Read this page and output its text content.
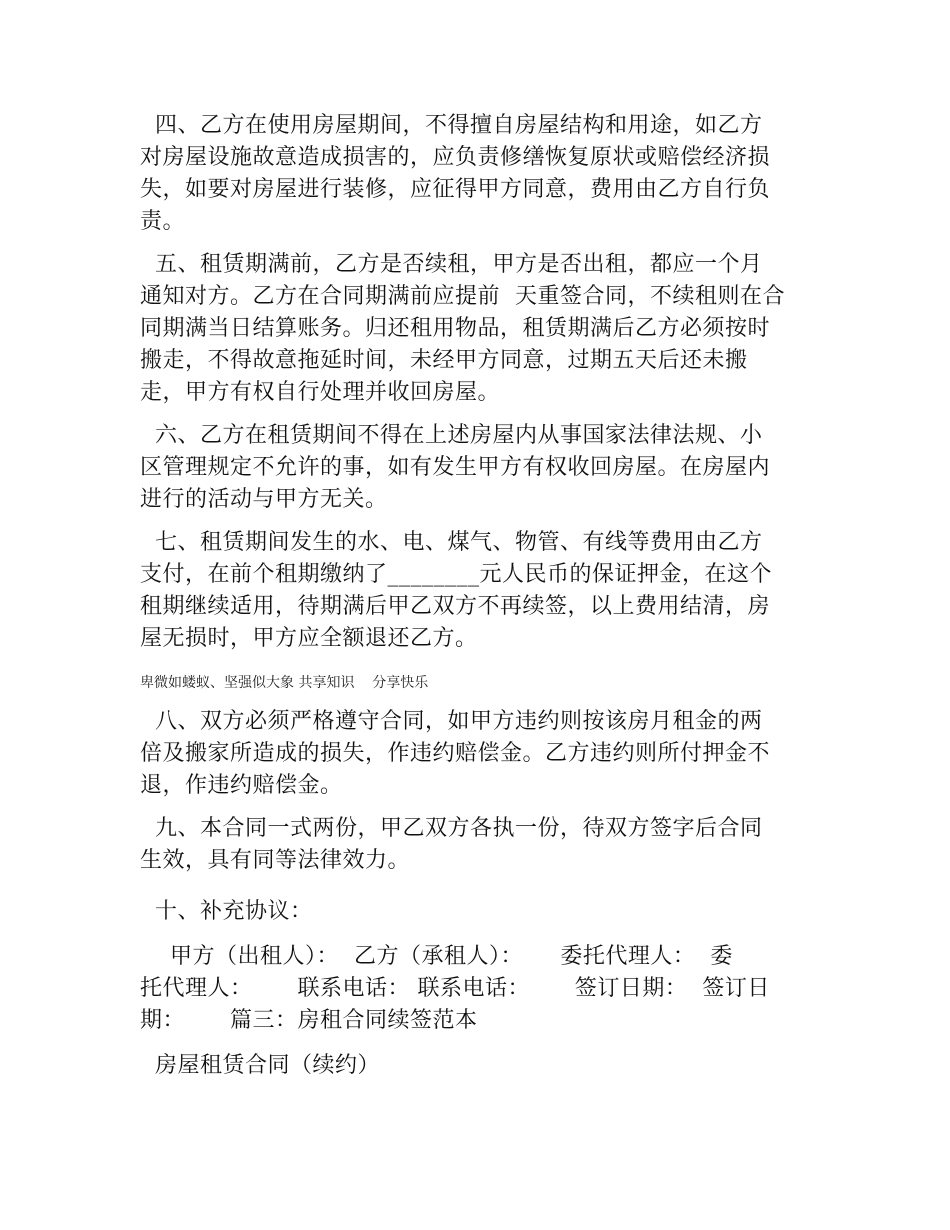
四、乙方在使用房屋期间，不得擅自房屋结构和用途，如乙方
对房屋设施故意造成损害的，应负责修缮恢复原状或赔偿经济损
失，如要对房屋进行装修，应征得甲方同意，费用由乙方自行负
责。
五、租赁期满前，乙方是否续租，甲方是否出租，都应一个月
通知对方。乙方在合同期满前应提前  天重签合同，不续租则在合
同期满当日结算账务。归还租用物品，租赁期满后乙方必须按时
搬走，不得故意拖延时间，未经甲方同意，过期五天后还未搬
走，甲方有权自行处理并收回房屋。
六、乙方在租赁期间不得在上述房屋内从事国家法律法规、小
区管理规定不允许的事，如有发生甲方有权收回房屋。在房屋内
进行的活动与甲方无关。
七、租赁期间发生的水、电、煤气、物管、有线等费用由乙方
支付，在前个租期缴纳了________元人民币的保证押金，在这个
租期继续适用，待期满后甲乙双方不再续签，以上费用结清，房
屋无损时，甲方应全额退还乙方。
卑微如蝼蚁、坚强似大象 共享知识    分享快乐
八、双方必须严格遵守合同，如甲方违约则按该房月租金的两
倍及搬家所造成的损失，作违约赔偿金。乙方违约则所付押金不
退，作违约赔偿金。
九、本合同一式两份，甲乙双方各执一份，待双方签字后合同
生效，具有同等法律效力。
十、补充协议：
甲方（出租人）：  乙方（承租人）：     委托代理人：  委
托代理人：      联系电话： 联系电话：      签订日期：  签订日
期：      篇三：房租合同续签范本
房屋租赁合同（续约）
